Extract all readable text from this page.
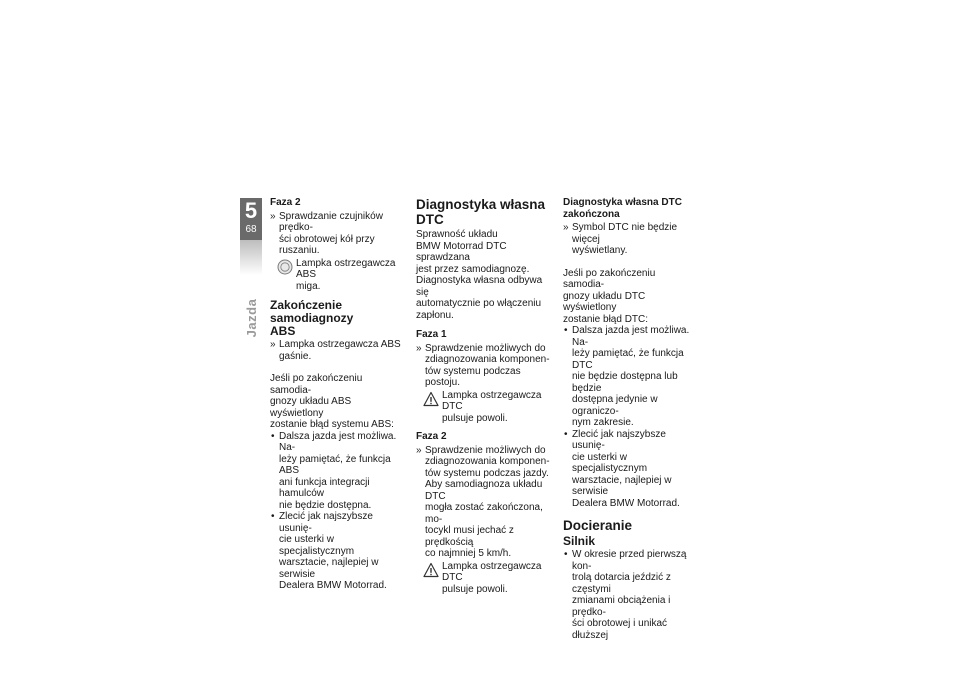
5
68
Jazda

Faza 2

» Sprawdzanie czujników prędko-
ści obrotowej kół przy ruszaniu.
Lampka ostrzegawcza ABS
miga.
Zakończenie samodiagnozy
ABS
» Lampka ostrzegawcza ABS
gaśnie.
Jeśli po zakończeniu samodia-
gnozy układu ABS wyświetlony
zostanie błąd systemu ABS:
• Dalsza jazda jest możliwa. Na-
leży pamiętać, że funkcja ABS
ani funkcja integracji hamulców
nie będzie dostępna.
• Zlecić jak najszybsze usunię-
cie usterki w specjalistycznym
warsztacie, najlepiej w serwisie
Dealera BMW Motorrad.

Diagnostyka własna DTC

Sprawność układu
BMW Motorrad DTC sprawdzana
jest przez samodiagnozę.
Diagnostyka własna odbywa się
automatycznie po włączeniu
zapłonu.

Faza 1

» Sprawdzenie możliwych do
zdiagnozowania komponen-
tów systemu podczas postoju.
Lampka ostrzegawcza DTC
pulsuje powoli.

Faza 2

» Sprawdzenie możliwych do
zdiagnozowania komponen-
tów systemu podczas jazdy.
Aby samodiagnoza układu DTC
mogła zostać zakończona, mo-
tocykl musi jechać z prędkością
co najmniej 5 km/h.
Lampka ostrzegawcza DTC
pulsuje powoli.
Diagnostyka własna DTC
zakończona
» Symbol DTC nie będzie więcej
wyświetlany.
Jeśli po zakończeniu samodia-
gnozy układu DTC wyświetlony
zostanie błąd DTC:
• Dalsza jazda jest możliwa. Na-
leży pamiętać, że funkcja DTC
nie będzie dostępna lub będzie
dostępna jedynie w ograniczo-
nym zakresie.
• Zlecić jak najszybsze usunię-
cie usterki w specjalistycznym
warsztacie, najlepiej w serwisie
Dealera BMW Motorrad.

Docieranie

Silnik

• W okresie przed pierwszą kon-
trolą dotarcia jeździć z częstymi
zmianami obciążenia i prędko-
ści obrotowej i unikać dłuższej
